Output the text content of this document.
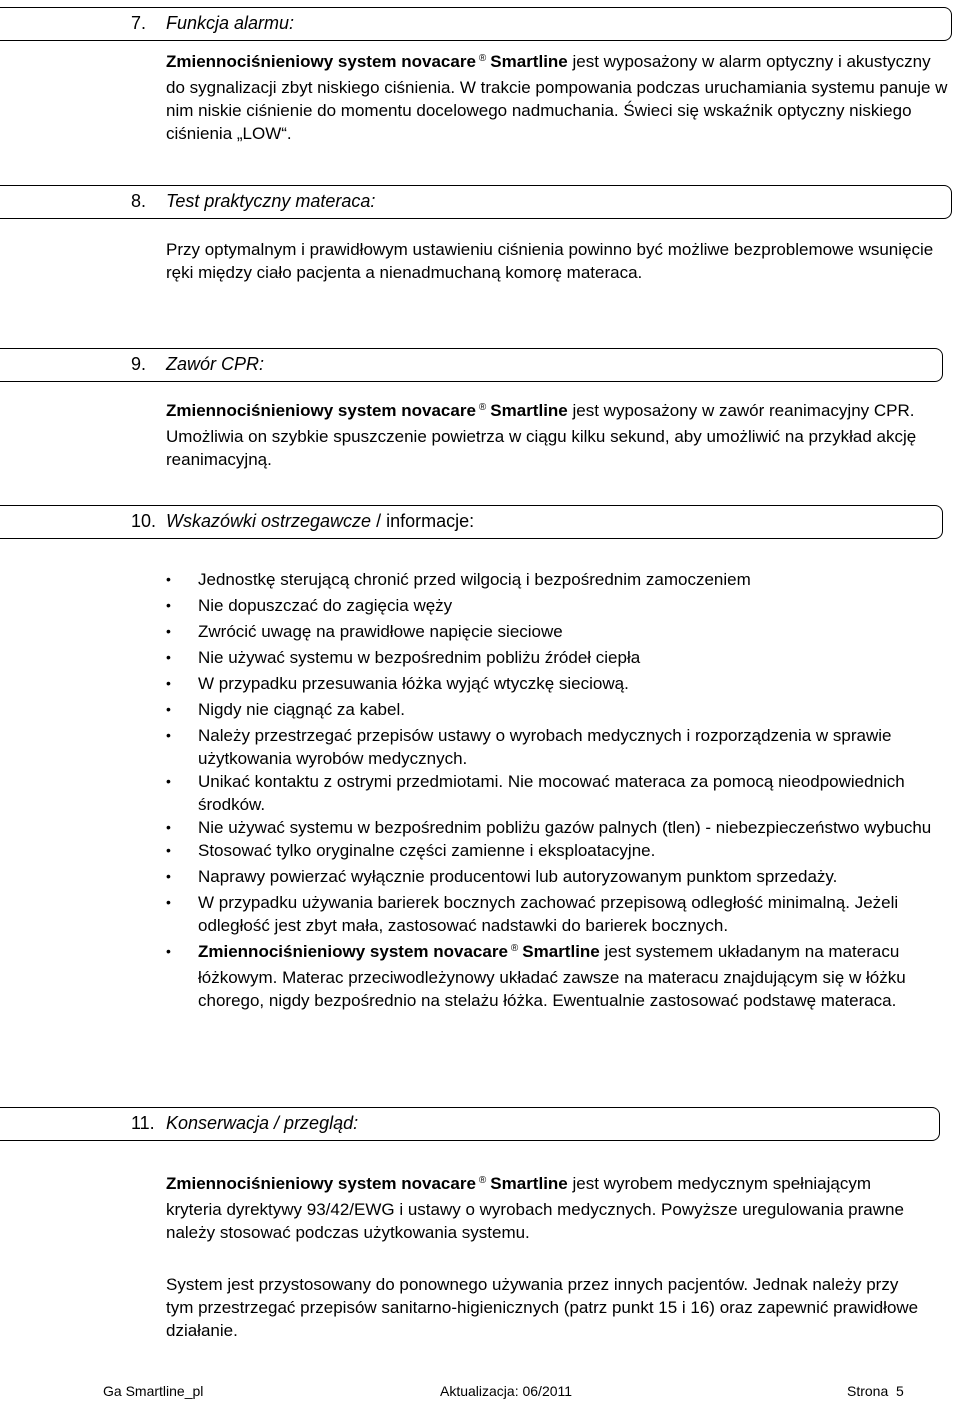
7. Funkcja alarmu:
Zmiennociśnieniowy system novacare ® Smartline jest wyposażony w alarm optyczny i akustyczny do sygnalizacji zbyt niskiego ciśnienia. W trakcie pompowania podczas uruchamiania systemu panuje w nim niskie ciśnienie do momentu docelowego nadmuchania. Świeci się wskaźnik optyczny niskiego ciśnienia „LOW“.
8. Test praktyczny materaca:
Przy optymalnym i prawidłowym ustawieniu ciśnienia powinno być możliwe bezproblemowe wsunięcie ręki między ciało pacjenta a nienadmuchaną komorę materaca.
9. Zawór CPR:
Zmiennociśnieniowy system novacare ® Smartline jest wyposażony w zawór reanimacyjny CPR. Umożliwia on szybkie spuszczenie powietrza w ciągu kilku sekund, aby umożliwić na przykład akcję reanimacyjną.
10. Wskazówki ostrzegawcze / informacje:
• Jednostkę sterującą chronić przed wilgocią i bezpośrednim zamoczeniem
• Nie dopuszczać do zagięcia węży
• Zwrócić uwagę na prawidłowe napięcie sieciowe
• Nie używać systemu w bezpośrednim pobliżu źródeł ciepła
• W przypadku przesuwania łóżka wyjąć wtyczkę sieciową.
• Nigdy nie ciągnąć za kabel.
• Należy przestrzegać przepisów ustawy o wyrobach medycznych i rozporządzenia w sprawie użytkowania wyrobów medycznych.
• Unikać kontaktu z ostrymi przedmiotami. Nie mocować materaca za pomocą nieodpowiednich środków.
• Nie używać systemu w bezpośrednim pobliżu gazów palnych (tlen) - niebezpieczeństwo wybuchu
• Stosować tylko oryginalne części zamienne i eksploatacyjne.
• Naprawy powierzać wyłącznie producentowi lub autoryzowanym punktom sprzedaży.
• W przypadku używania barierek bocznych zachować przepisową odległość minimalną. Jeżeli odległość jest zbyt mała, zastosować nadstawki do barierek bocznych.
• Zmiennociśnieniowy system novacare ® Smartline jest systemem układanym na materacu łóżkowym. Materac przeciwodleżynowy układać zawsze na materacu znajdującym się w łóżku chorego, nigdy bezpośrednio na stelażu łóżka. Ewentualnie zastosować podstawę materaca.
11. Konserwacja / przegląd:
Zmiennociśnieniowy system novacare ® Smartline jest wyrobem medycznym spełniającym kryteria dyrektywy 93/42/EWG i ustawy o wyrobach medycznych. Powyższe uregulowania prawne należy stosować podczas użytkowania systemu.
System jest przystosowany do ponownego używania przez innych pacjentów. Jednak należy przy tym przestrzegać przepisów sanitarno-higienicznych (patrz punkt 15 i 16) oraz zapewnić prawidłowe działanie.
Ga Smartline_pl	Aktualizacja: 06/2011	Strona  5
